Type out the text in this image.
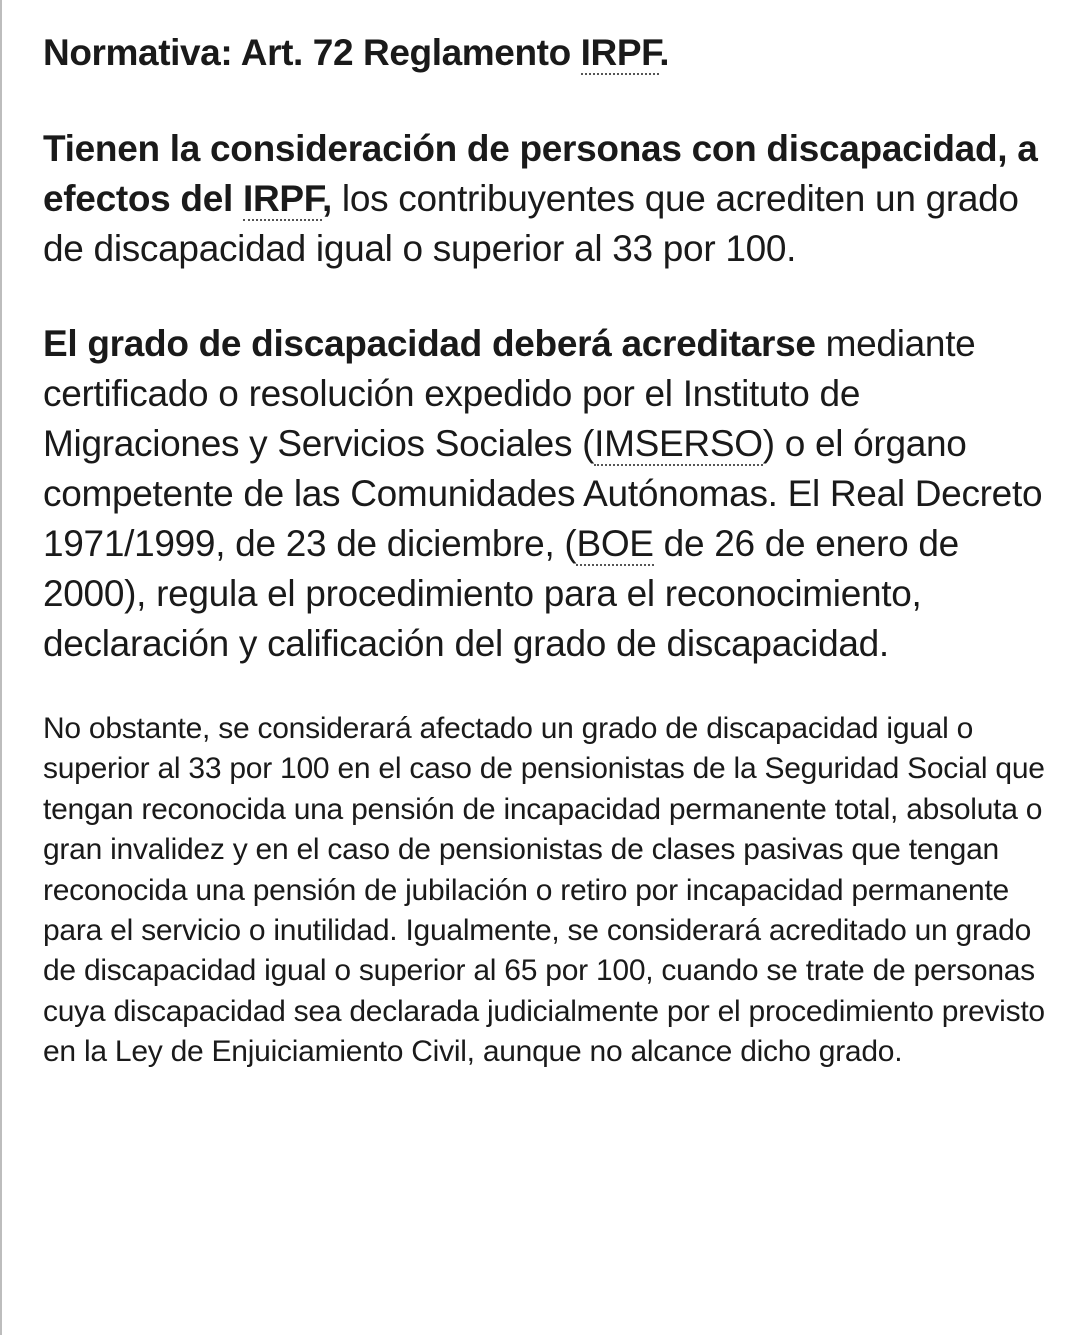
Normativa: Art. 72 Reglamento IRPF.

Tienen la consideración de personas con discapacidad, a efectos del IRPF, los contribuyentes que acrediten un grado de discapacidad igual o superior al 33 por 100.

El grado de discapacidad deberá acreditarse mediante certificado o resolución expedido por el Instituto de Migraciones y Servicios Sociales (IMSERSO) o el órgano competente de las Comunidades Autónomas. El Real Decreto 1971/1999, de 23 de diciembre, (BOE de 26 de enero de 2000), regula el procedimiento para el reconocimiento, declaración y calificación del grado de discapacidad.

No obstante, se considerará afectado un grado de discapacidad igual o superior al 33 por 100 en el caso de pensionistas de la Seguridad Social que tengan reconocida una pensión de incapacidad permanente total, absoluta o gran invalidez y en el caso de pensionistas de clases pasivas que tengan reconocida una pensión de jubilación o retiro por incapacidad permanente para el servicio o inutilidad. Igualmente, se considerará acreditado un grado de discapacidad igual o superior al 65 por 100, cuando se trate de personas cuya discapacidad sea declarada judicialmente por el procedimiento previsto en la Ley de Enjuiciamiento Civil, aunque no alcance dicho grado.
